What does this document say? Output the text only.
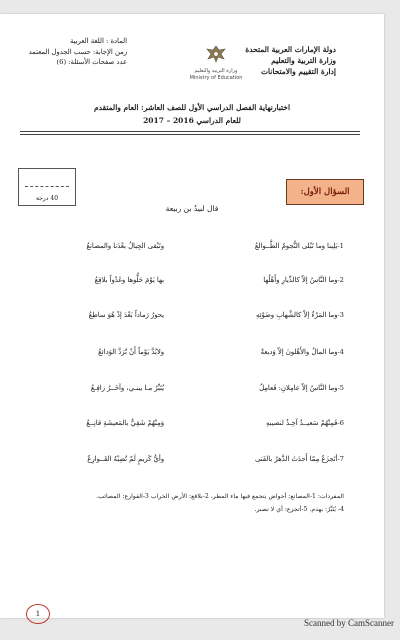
دولة الإمارات العربية المتحدة
وزارة التربية والتعليم
إدارة التقييم والامتحانات
وزارة التربية والتعليم
Ministry of Education
المادة : اللغة العربية
زمن الإجابة: حسب الجدول المعتمد
عدد صفحات الأسئلة: (6)
اختبارنهاية الفصل الدراسي الأول للصف العاشر: العام والمتقدم
للعام الدراسي 2016 – 2017
40 درجة
السؤال الأول:
قال لبيدُ بن ربيعة
1-بَلِينا وما تَبْلى النُّجومُ الطَّــوالعُ
وتَبْقى الجِبالُ بعْدَنا والمصانعُ
2-وما النَّاسُ إلاّ كالدِّيارِ وأَهْلُها
بها يَوْمَ حَلُّوها وغَدْواً بلاقِعُ
3-وما المَرْءُ إلاّ كالشِّهابِ وضَوْئِهِ
يحورُ رَماداً بَعْدَ إذْ هُوَ ساطِعُ
4-وما المالُ والأَهْلونَ إلاّ وَديعةٌ
ولابُدَّ يَوْماً أَنْ تُرَدَّ الوَدائعُ
5-وما النَّاسُ إلاّ عامِلانِ: فَعامِلٌ
يُتَبِّرُ مـا يبنـي، وآخَــرُ رافِـعُ
6-فَمِنْهُمْ سَعيــدٌ آخِـذٌ لنصيبهِ
وَمِنْهُمْ شَقِيٌّ بالمَعيشَةِ قانِــعُ
7-أتَجزَعُ مِمّا أَحدَثَ الدَّهرُ بالفَتى
وأيُّ كَريمٍ لَمْ تُصِبْهُ القَــوارِعُ
المفردات: 1-المصانع: أحواض يتجمع فيها ماء المطر، 2-بلاقع: الأرض الخراب 3-القوارع: المصائب.
4- يُتَبِّرُ: يهدم. 5-أتجزع: أي لا تصبر.
1
Scanned by CamScanner
